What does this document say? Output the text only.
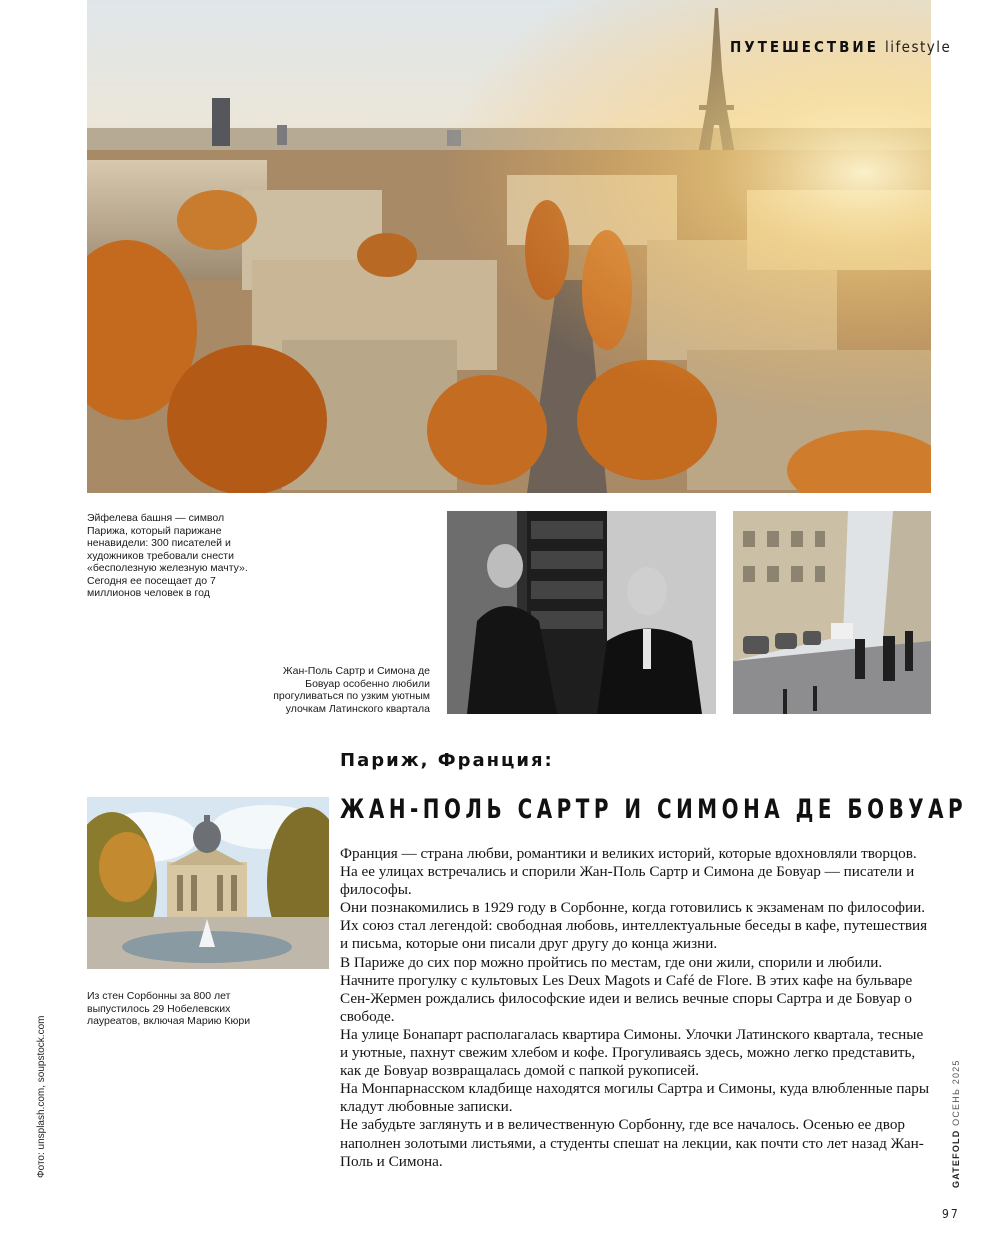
ПУТЕШЕСТВИЕ lifestyle
Эйфелева башня — символ Парижа, который парижане ненавидели: 300 писателей и художников требовали снести «бесполезную железную мачту». Сегодня ее посещает до 7 миллионов человек в год
Жан-Поль Сартр и Симона де Бовуар особенно любили прогуливаться по узким уютным улочкам Латинского квартала
Из стен Сорбонны за 800 лет выпустилось 29 Нобелевских лауреатов, включая Марию Кюри
Париж, Франция:
ЖАН-ПОЛЬ САРТР И СИМОНА ДЕ БОВУАР

Франция — страна любви, романтики и великих историй, которые вдохновляли творцов. На ее улицах встречались и спорили Жан-Поль Сартр и Симона де Бовуар — писатели и философы.

Они познакомились в 1929 году в Сорбонне, когда готовились к экзаменам по философии. Их союз стал легендой: свободная любовь, интеллектуальные беседы в кафе, путешествия и письма, которые они писали друг другу до конца жизни.

В Париже до сих пор можно пройтись по местам, где они жили, спорили и любили. Начните прогулку с культовых Les Deux Magots и Café de Flore. В этих кафе на бульваре Сен-Жермен рождались философские идеи и велись вечные споры Сартра и де Бовуар о свободе.

На улице Бонапарт располагалась квартира Симоны. Улочки Латинского квартала, тесные и уютные, пахнут свежим хлебом и кофе. Прогуливаясь здесь, можно легко представить, как де Бовуар возвращалась домой с папкой рукописей.

На Монпарнасском кладбище находятся могилы Сартра и Симоны, куда влюбленные пары кладут любовные записки.

Не забудьте заглянуть и в величественную Сорбонну, где все началось. Осенью ее двор наполнен золотыми листьями, а студенты спешат на лекции, как почти сто лет назад Жан-Поль и Симона.

Фото: unsplash.com, soupstock.com	GATEFOLD ОСЕНЬ 2025
97
